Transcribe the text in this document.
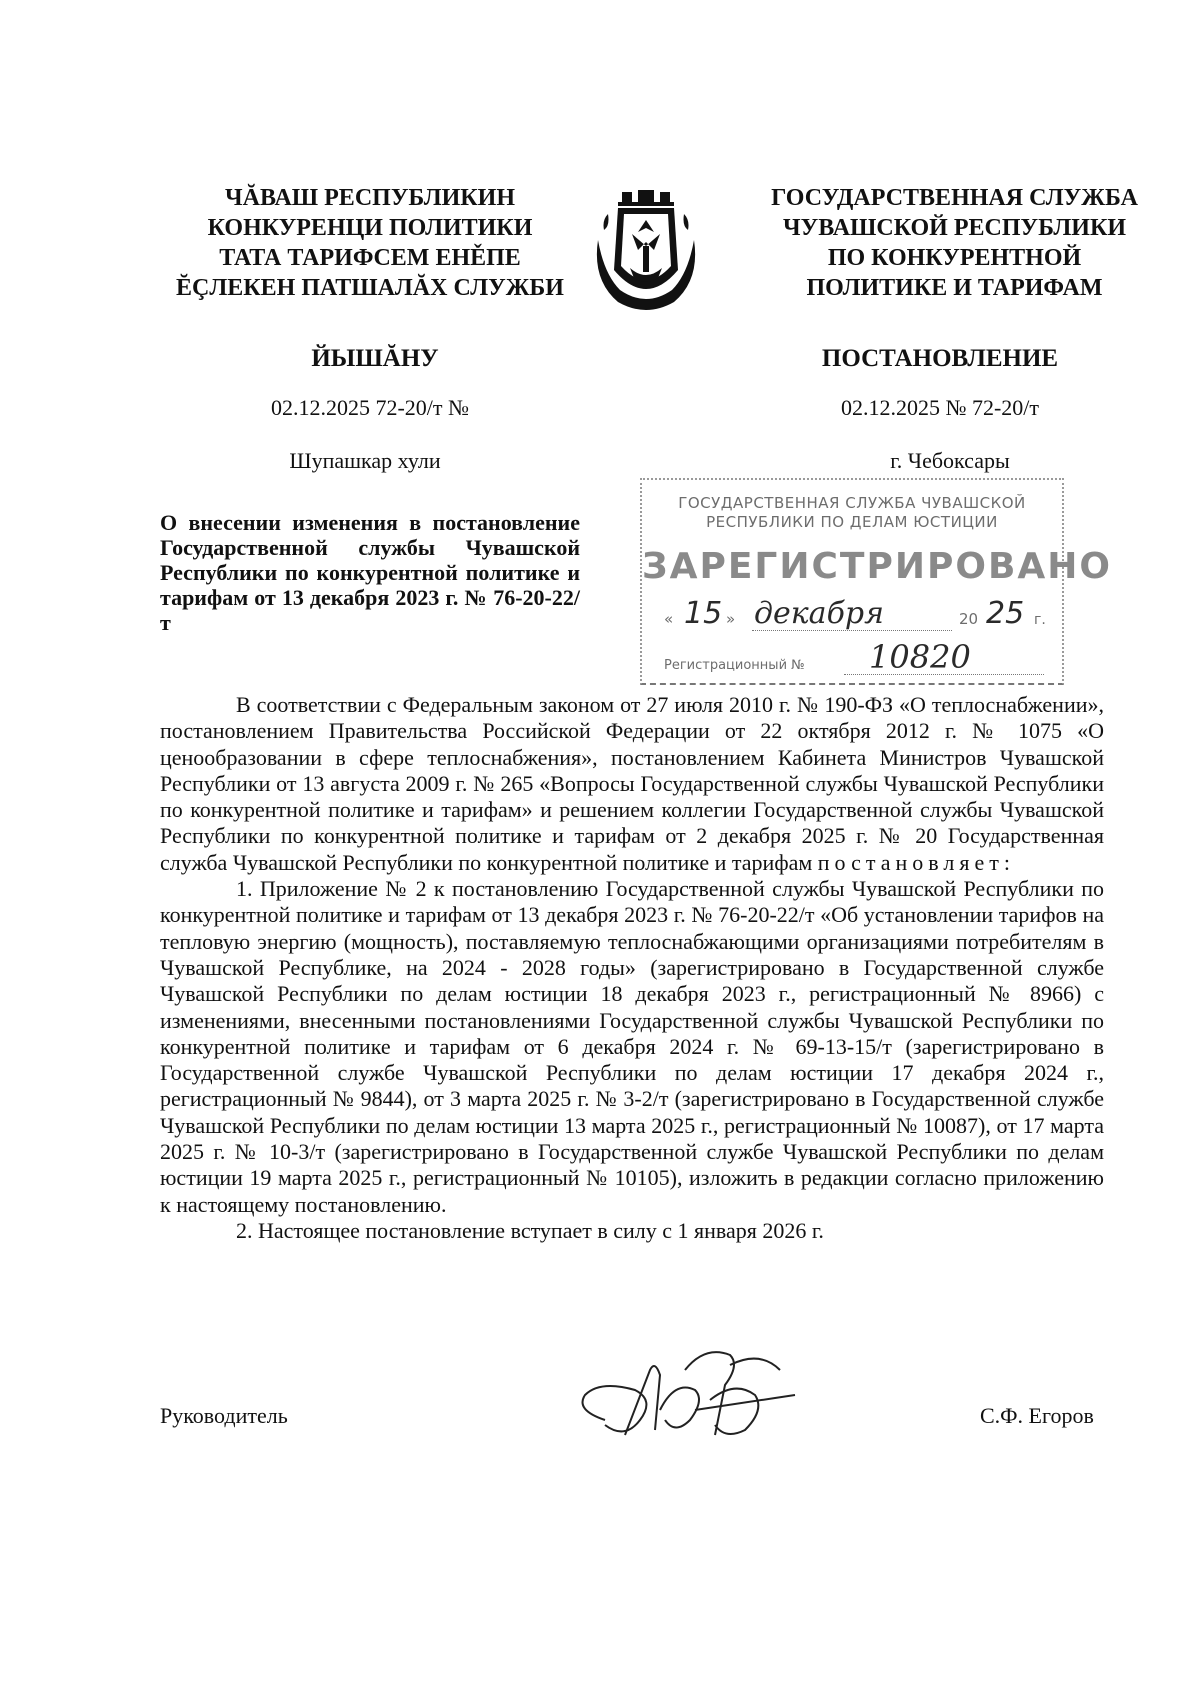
ЧĂВАШ РЕСПУБЛИКИН
КОНКУРЕНЦИ ПОЛИТИКИ
ТАТА ТАРИФСЕМ ЕНĚПЕ
ĔÇЛЕКЕН ПАТШАЛĂХ СЛУЖБИ
ГОСУДАРСТВЕННАЯ СЛУЖБА
ЧУВАШСКОЙ РЕСПУБЛИКИ
ПО КОНКУРЕНТНОЙ
ПОЛИТИКЕ И ТАРИФАМ
ЙЫШĂНУ	ПОСТАНОВЛЕНИЕ
02.12.2025 72-20/т №	02.12.2025 № 72-20/т
Шупашкар хули	г. Чебоксары
О внесении изменения в постановление Государственной службы Чувашской Республики по конкурентной политике и тарифам от 13 декабря 2023 г. № 76-20-22/т
ГОСУДАРСТВЕННАЯ СЛУЖБА ЧУВАШСКОЙ
РЕСПУБЛИКИ ПО ДЕЛАМ ЮСТИЦИИ
ЗАРЕГИСТРИРОВАНО
« 15 » декабря	20 25 г.
Регистрационный № 10820

В соответствии с Федеральным законом от 27 июля 2010 г. № 190-ФЗ «О теплоснабжении», постановлением Правительства Российской Федерации от 22 октября 2012 г. № 1075 «О ценообразовании в сфере теплоснабжения», постановлением Кабинета Министров Чувашской Республики от 13 августа 2009 г. № 265 «Вопросы Государственной службы Чувашской Республики по конкурентной политике и тарифам» и решением коллегии Государственной службы Чувашской Республики по конкурентной политике и тарифам от 2 декабря 2025 г. № 20 Государственная служба Чувашской Республики по конкурентной политике и тарифам постановляет:

1. Приложение № 2 к постановлению Государственной службы Чувашской Республики по конкурентной политике и тарифам от 13 декабря 2023 г. № 76-20-22/т «Об установлении тарифов на тепловую энергию (мощность), поставляемую теплоснабжающими организациями потребителям в Чувашской Республике, на 2024 - 2028 годы» (зарегистрировано в Государственной службе Чувашской Республики по делам юстиции 18 декабря 2023 г., регистрационный № 8966) с изменениями, внесенными постановлениями Государственной службы Чувашской Республики по конкурентной политике и тарифам от 6 декабря 2024 г. № 69-13-15/т (зарегистрировано в Государственной службе Чувашской Республики по делам юстиции 17 декабря 2024 г., регистрационный № 9844), от 3 марта 2025 г. № 3-2/т (зарегистрировано в Государственной службе Чувашской Республики по делам юстиции 13 марта 2025 г., регистрационный № 10087), от 17 марта 2025 г. № 10-3/т (зарегистрировано в Государственной службе Чувашской Республики по делам юстиции 19 марта 2025 г., регистрационный № 10105), изложить в редакции согласно приложению к настоящему постановлению.

2. Настоящее постановление вступает в силу с 1 января 2026 г.

Руководитель	С.Ф. Егоров
